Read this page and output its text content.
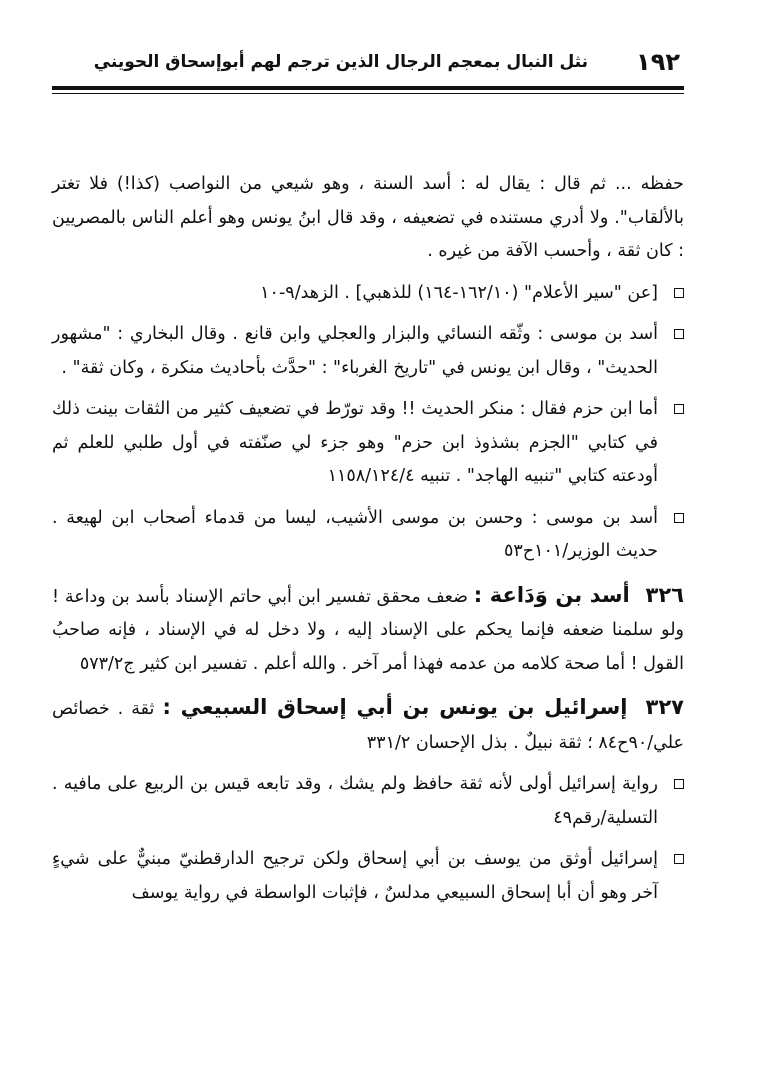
١٩٢
نثل النبال بمعجم الرجال الذين ترجم لهم أبوإسحاق الحويني

حفظه ... ثم قال : يقال له : أسد السنة ، وهو شيعي من النواصب (كذا!) فلا تغتر بالألقاب". ولا أدري مستنده في تضعيفه ، وقد قال ابنُ يونس وهو أعلم الناس بالمصريين : كان ثقة ، وأحسب الآفة من غيره .

[عن "سير الأعلام" (١٦٢/١٠-١٦٤) للذهبي] . الزهد/٩-١٠
أسد بن موسى : وثّقه النسائي والبزار والعجلي وابن قانع . وقال البخاري : "مشهور الحديث" ، وقال ابن يونس في "تاريخ الغرباء" : "حدَّث بأحاديث منكرة ، وكان ثقة" .
أما ابن حزم فقال : منكر الحديث !! وقد تورّط في تضعيف كثير من الثقات بينت ذلك في كتابي "الجزم بشذوذ ابن حزم" وهو جزء لي صنّفته في أول طلبي للعلم ثم أودعته كتابي "تنبيه الهاجد" . تنبيه ١١٥٨/١٢٤/٤
أسد بن موسى : وحسن بن موسى الأشيب، ليسا من قدماء أصحاب ابن لهيعة . حديث الوزير/١٠١ح٥٣

٣٢٦ أسد بن وَدَاعة : ضعف محقق تفسير ابن أبي حاتم الإسناد بأسد بن وداعة ! ولو سلمنا ضعفه فإنما يحكم على الإسناد إليه ، ولا دخل له في الإسناد ، فإنه صاحبُ القول ! أما صحة كلامه من عدمه فهذا أمر آخر . والله أعلم . تفسير ابن كثير ج٥٧٣/٢

٣٢٧ إسرائيل بن يونس بن أبي إسحاق السبيعي : ثقة . خصائص علي/٩٠ح٨٤ ؛ ثقة نبيلٌ . بذل الإحسان ٣٣١/٢

رواية إسرائيل أولى لأنه ثقة حافظ ولم يشك ، وقد تابعه قيس بن الربيع على مافيه . التسلية/رقم٤٩
إسرائيل أوثق من يوسف بن أبي إسحاق ولكن ترجيح الدارقطنيّ مبنيٌّ على شيءٍ آخر وهو أن أبا إسحاق السبيعي مدلسٌ ، فإثبات الواسطة في رواية يوسف
